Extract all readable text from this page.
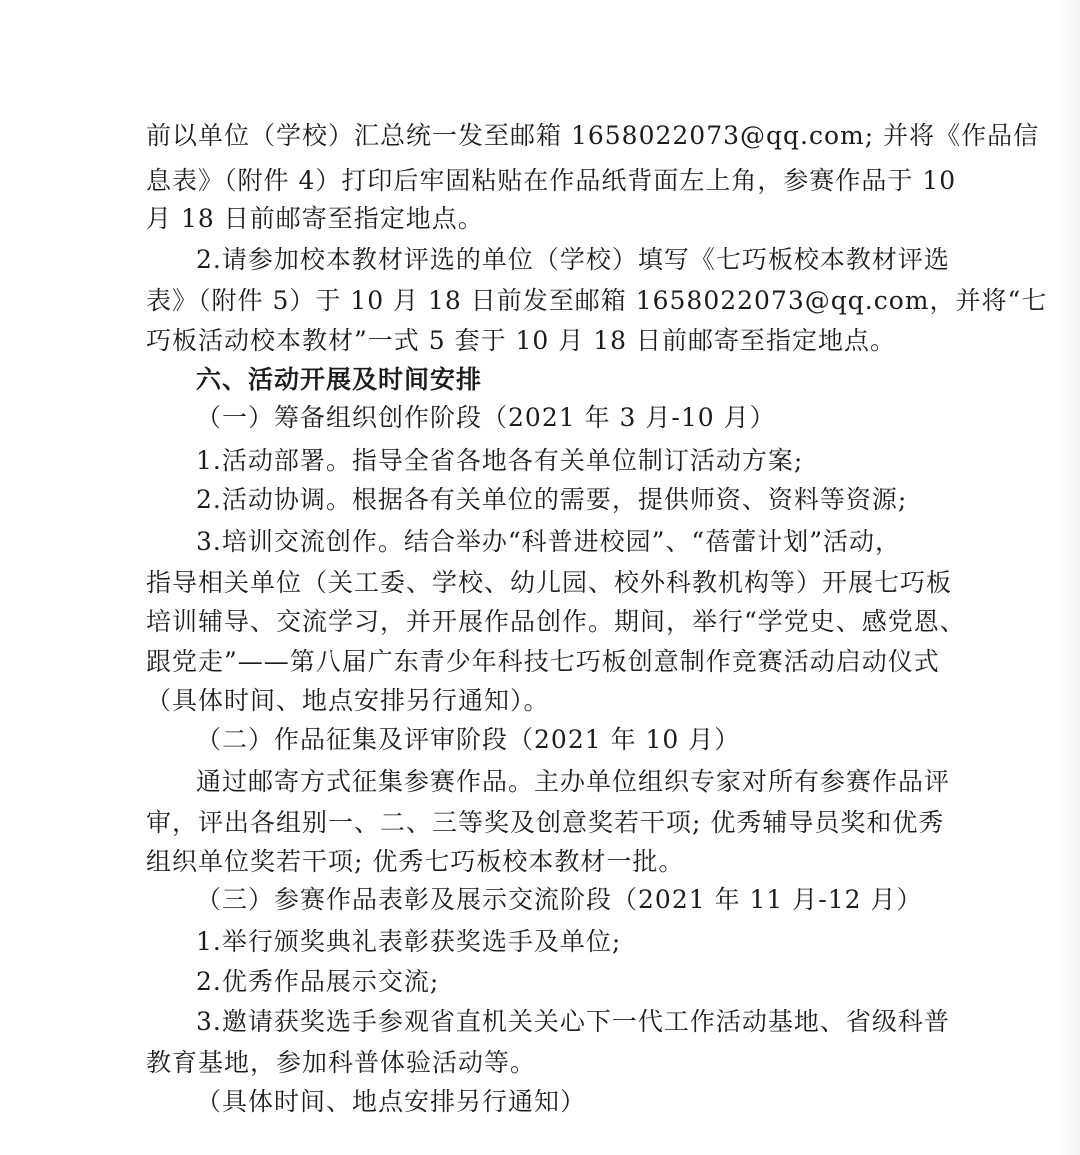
前以单位（学校）汇总统一发至邮箱 1658022073@qq.com; 并将《作品信
息表》（附件 4）打印后牢固粘贴在作品纸背面左上角，参赛作品于 10
月 18 日前邮寄至指定地点。
2.请参加校本教材评选的单位（学校）填写《七巧板校本教材评选
表》（附件 5）于 10 月 18 日前发至邮箱 1658022073@qq.com，并将“七
巧板活动校本教材”一式 5 套于 10 月 18 日前邮寄至指定地点。
六、活动开展及时间安排
（一）筹备组织创作阶段（2021 年 3 月-10 月）
1.活动部署。指导全省各地各有关单位制订活动方案;
2.活动协调。根据各有关单位的需要，提供师资、资料等资源;
3.培训交流创作。结合举办“科普进校园”、“蓓蕾计划”活动，
指导相关单位（关工委、学校、幼儿园、校外科教机构等）开展七巧板
培训辅导、交流学习，并开展作品创作。期间，举行“学党史、感党恩、
跟党走”——第八届广东青少年科技七巧板创意制作竞赛活动启动仪式
（具体时间、地点安排另行通知）。
（二）作品征集及评审阶段（2021 年 10 月）
通过邮寄方式征集参赛作品。主办单位组织专家对所有参赛作品评
审，评出各组别一、二、三等奖及创意奖若干项; 优秀辅导员奖和优秀
组织单位奖若干项; 优秀七巧板校本教材一批。
（三）参赛作品表彰及展示交流阶段（2021 年 11 月-12 月）
1.举行颁奖典礼表彰获奖选手及单位;
2.优秀作品展示交流;
3.邀请获奖选手参观省直机关关心下一代工作活动基地、省级科普
教育基地，参加科普体验活动等。
（具体时间、地点安排另行通知）
